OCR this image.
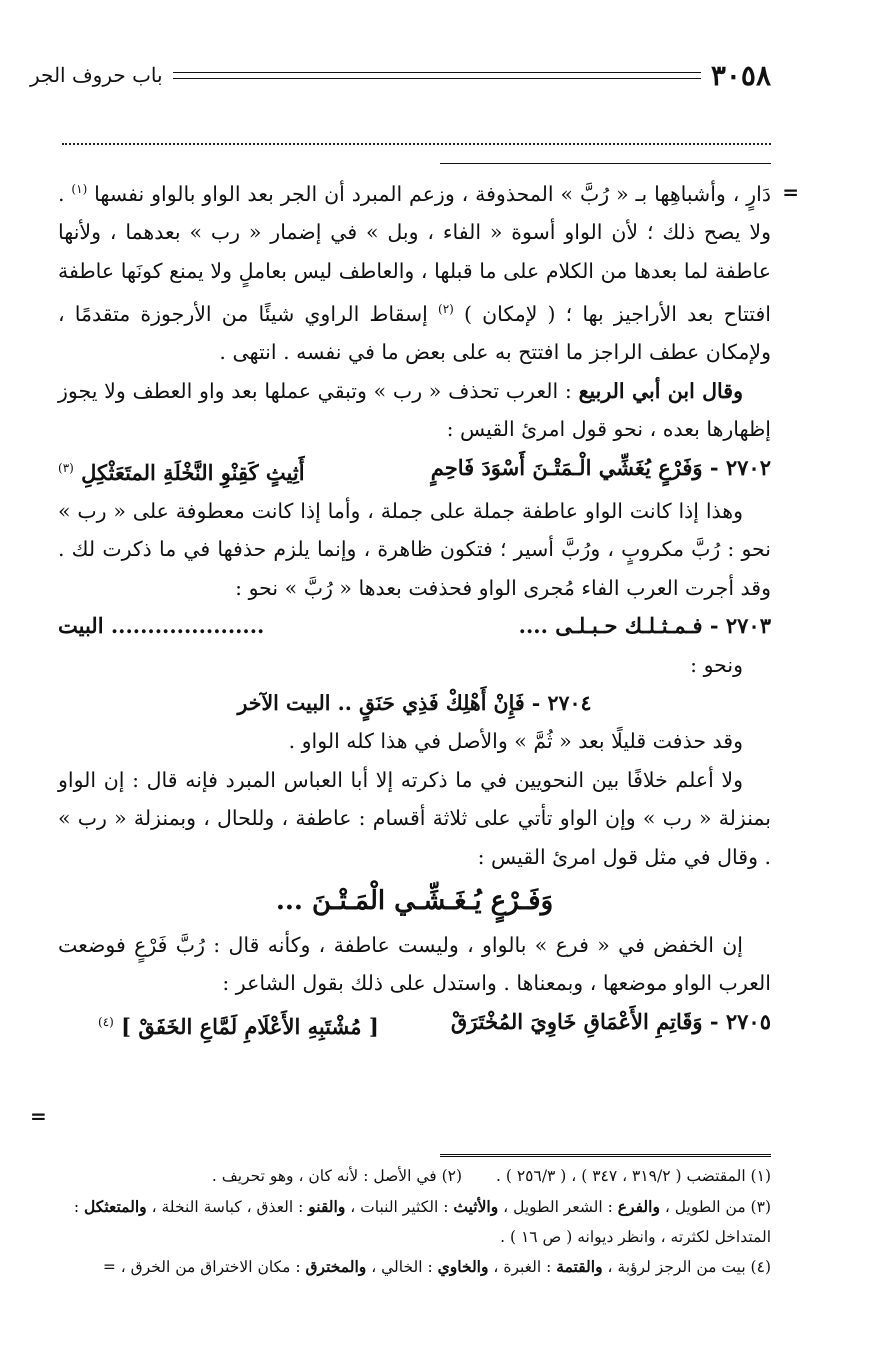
٣٠٥٨
باب حروف الجر
=
=

دَارٍ ، وأشباهِها بـ « رُبَّ » المحذوفة ، وزعم المبرد أن الجر بعد الواو بالواو نفسها $^{(١)}$ . ولا يصح ذلك ؛ لأن الواو أسوة « الفاء ، وبل » في إضمار « رب » بعدهما ، ولأنها عاطفة لما بعدها من الكلام على ما قبلها ، والعاطف ليس بعاملٍ ولا يمنع كونَها عاطفة افتتاح بعد الأراجيز بها ؛ ( لإمكان ) $^{(٢)}$ إسقاط الراوي شيئًا من الأرجوزة متقدمًا ، ولإمكان عطف الراجز ما افتتح به على بعض ما في نفسه . انتهى .

وقال ابن أبي الربيع : العرب تحذف « رب » وتبقي عملها بعد واو العطف ولا يجوز إظهارها بعده ، نحو قول امرئ القيس :

٢٧٠٢ - وَفَرْعٍ يُغَشِّي الْـمَتْـنَ أَسْوَدَ فَاحِمٍ
أَثِيثٍ كَقِنْوِ النَّخْلَةِ المتَعَثْكِلِ $^{(٣)}$

وهذا إذا كانت الواو عاطفة جملة على جملة ، وأما إذا كانت معطوفة على « رب » نحو : رُبَّ مكروبٍ ، ورُبَّ أسير ؛ فتكون ظاهرة ، وإنما يلزم حذفها في ما ذكرت لك . وقد أجرت العرب الفاء مُجرى الواو فحذفت بعدها « رُبَّ » نحو :

٢٧٠٣ - فـمـثـلـك حـبـلـى ....
..................... البيت

ونحو :

٢٧٠٤ - فَإِنْ أَهْلِكْ فَذِي حَنَقٍ .. البيت الآخر

وقد حذفت قليلًا بعد « ثُمَّ » والأصل في هذا كله الواو .

ولا أعلم خلافًا بين النحويين في ما ذكرته إلا أبا العباس المبرد فإنه قال : إن الواو بمنزلة « رب » وإن الواو تأتي على ثلاثة أقسام : عاطفة ، وللحال ، وبمنزلة « رب » . وقال في مثل قول امرئ القيس :

وَفَـرْعٍ يُـغَـشِّـي الْمَـتْـنَ ...

إن الخفض في « فرع » بالواو ، وليست عاطفة ، وكأنه قال : رُبَّ فَرْعٍ فوضعت العرب الواو موضعها ، وبمعناها . واستدل على ذلك بقول الشاعر :

٢٧٠٥ - وَقَاتِمِ الأَعْمَاقِ خَاوِيَ المُخْتَرَقْ
[ مُشْتَبِهِ الأَعْلَامِ لَمَّاعِ الخَفَقْ ] $^{(٤)}$
(١) المقتضب ( ٣١٩/٢ ، ٣٤٧ ) ، ( ٢٥٦/٣ ) .
(٢) في الأصل : لأنه كان ، وهو تحريف .

(٣) من الطويل ، والفرع : الشعر الطويل ، والأثيث : الكثير النبات ، والقنو : العذق ، كباسة النخلة ، والمتعثكل : المتداخل لكثرته ، وانظر ديوانه ( ص ١٦ ) .

(٤) بيت من الرجز لرؤبة ، والقتمة : الغبرة ، والخاوي : الخالي ، والمخترق : مكان الاختراق من الخرق ، =
